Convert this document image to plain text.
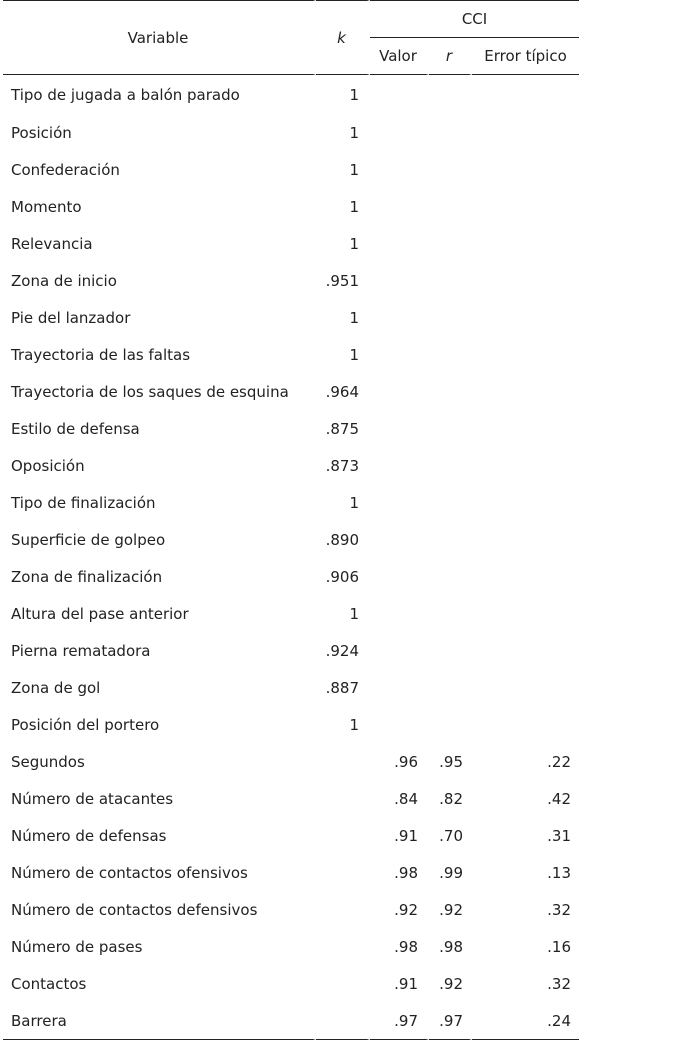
Variable	k	CCI		
		Valor	r	Error típico
Tipo de jugada a balón parado	1			
Posición	1			
Confederación	1			
Momento	1			
Relevancia	1			
Zona de inicio	.951			
Pie del lanzador	1			
Trayectoria de las faltas	1			
Trayectoria de los saques de esquina	.964			
Estilo de defensa	.875			
Oposición	.873			
Tipo de finalización	1			
Superficie de golpeo	.890			
Zona de finalización	.906			
Altura del pase anterior	1			
Pierna rematadora	.924			
Zona de gol	.887			
Posición del portero	1			
Segundos		.96	.95	.22
Número de atacantes		.84	.82	.42
Número de defensas		.91	.70	.31
Número de contactos ofensivos		.98	.99	.13
Número de contactos defensivos		.92	.92	.32
Número de pases		.98	.98	.16
Contactos		.91	.92	.32
Barrera		.97	.97	.24
